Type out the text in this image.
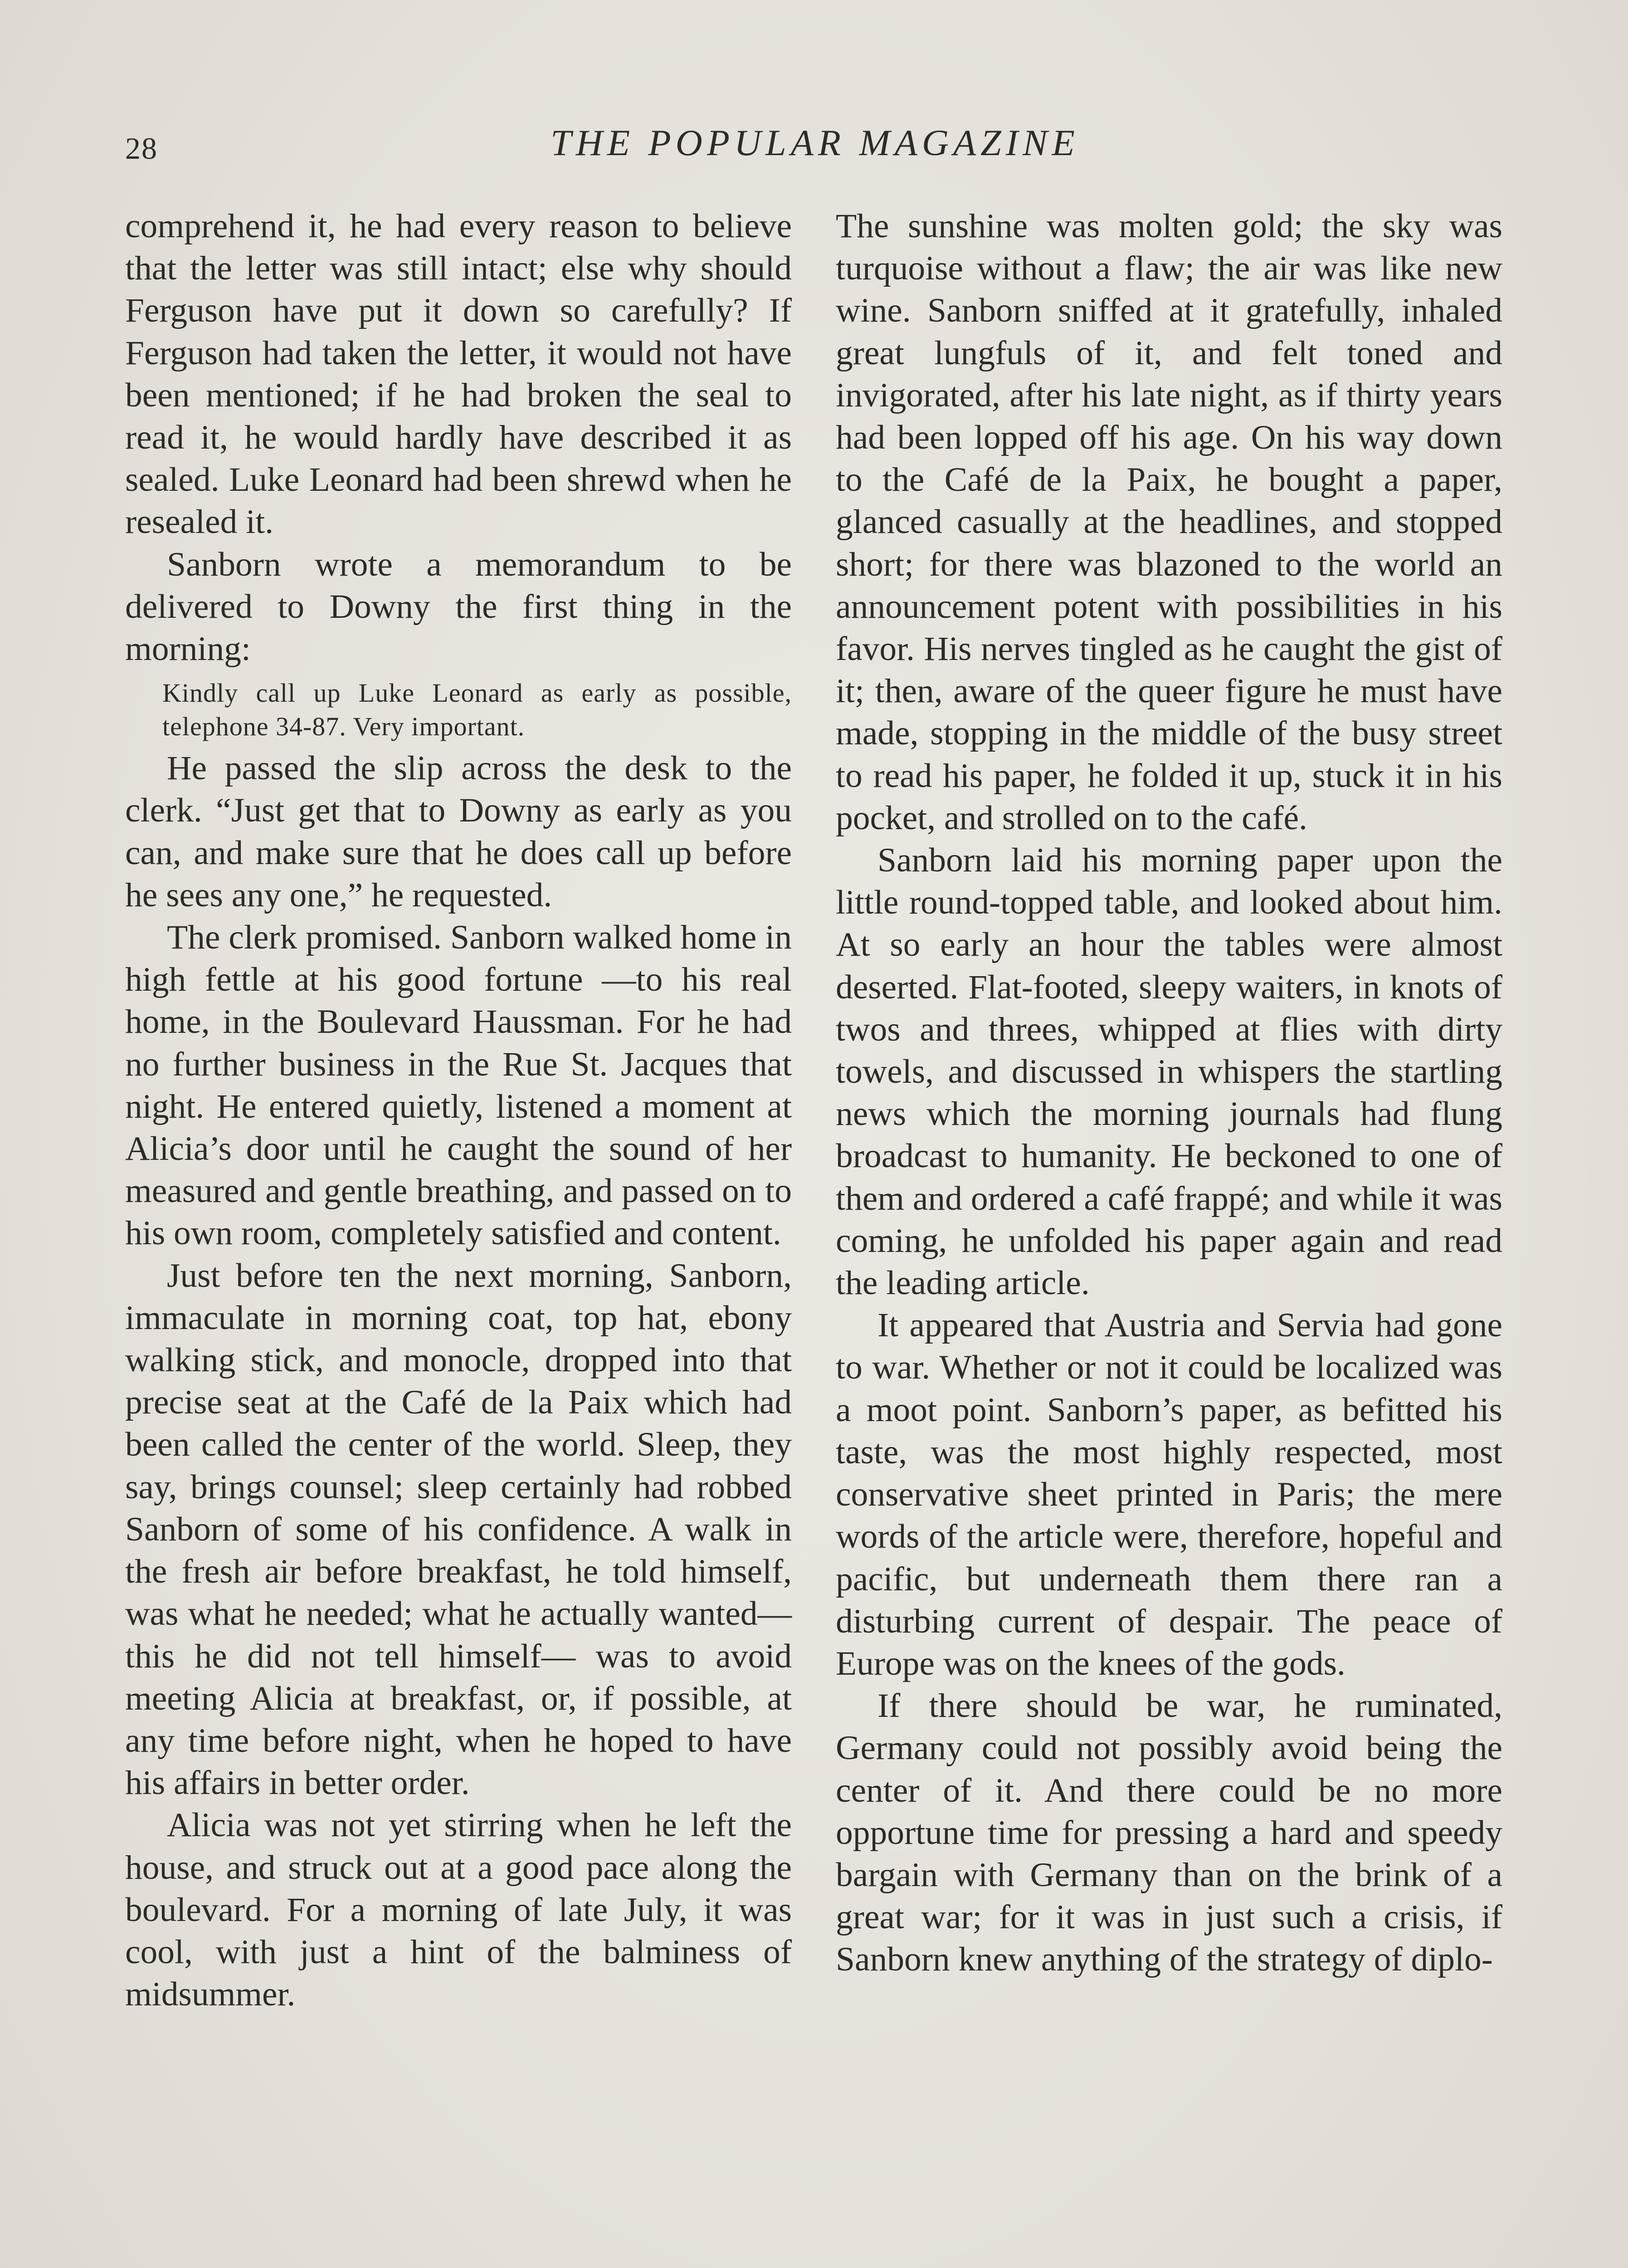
28	THE POPULAR MAGAZINE

comprehend it, he had every reason to believe that the letter was still intact; else why should Ferguson have put it down so carefully? If Ferguson had taken the letter, it would not have been mentioned; if he had broken the seal to read it, he would hardly have described it as sealed. Luke Leonard had been shrewd when he resealed it.

Sanborn wrote a memorandum to be delivered to Downy the first thing in the morning:

Kindly call up Luke Leonard as early as possible, telephone 34-87. Very important.

He passed the slip across the desk to the clerk. “Just get that to Downy as early as you can, and make sure that he does call up before he sees any one,” he requested.

The clerk promised. Sanborn walked home in high fettle at his good fortune —to his real home, in the Boulevard Haussman. For he had no further business in the Rue St. Jacques that night. He entered quietly, listened a moment at Alicia’s door until he caught the sound of her measured and gentle breathing, and passed on to his own room, completely satisfied and content.

Just before ten the next morning, Sanborn, immaculate in morning coat, top hat, ebony walking stick, and monocle, dropped into that precise seat at the Café de la Paix which had been called the center of the world. Sleep, they say, brings counsel; sleep certainly had robbed Sanborn of some of his confidence. A walk in the fresh air before breakfast, he told himself, was what he needed; what he actually wanted—this he did not tell himself— was to avoid meeting Alicia at breakfast, or, if possible, at any time before night, when he hoped to have his affairs in better order.

Alicia was not yet stirring when he left the house, and struck out at a good pace along the boulevard. For a morning of late July, it was cool, with just a hint of the balminess of midsummer.

The sunshine was molten gold; the sky was turquoise without a flaw; the air was like new wine. Sanborn sniffed at it gratefully, inhaled great lungfuls of it, and felt toned and invigorated, after his late night, as if thirty years had been lopped off his age. On his way down to the Café de la Paix, he bought a paper, glanced casually at the headlines, and stopped short; for there was blazoned to the world an announcement potent with possibilities in his favor. His nerves tingled as he caught the gist of it; then, aware of the queer figure he must have made, stopping in the middle of the busy street to read his paper, he folded it up, stuck it in his pocket, and strolled on to the café.

Sanborn laid his morning paper upon the little round-topped table, and looked about him. At so early an hour the tables were almost deserted. Flat-footed, sleepy waiters, in knots of twos and threes, whipped at flies with dirty towels, and discussed in whispers the startling news which the morning journals had flung broadcast to humanity. He beckoned to one of them and ordered a café frappé; and while it was coming, he unfolded his paper again and read the leading article.

It appeared that Austria and Servia had gone to war. Whether or not it could be localized was a moot point. Sanborn’s paper, as befitted his taste, was the most highly respected, most conservative sheet printed in Paris; the mere words of the article were, therefore, hopeful and pacific, but underneath them there ran a disturbing current of despair. The peace of Europe was on the knees of the gods.

If there should be war, he ruminated, Germany could not possibly avoid being the center of it. And there could be no more opportune time for pressing a hard and speedy bargain with Germany than on the brink of a great war; for it was in just such a crisis, if Sanborn knew anything of the strategy of diplo-
